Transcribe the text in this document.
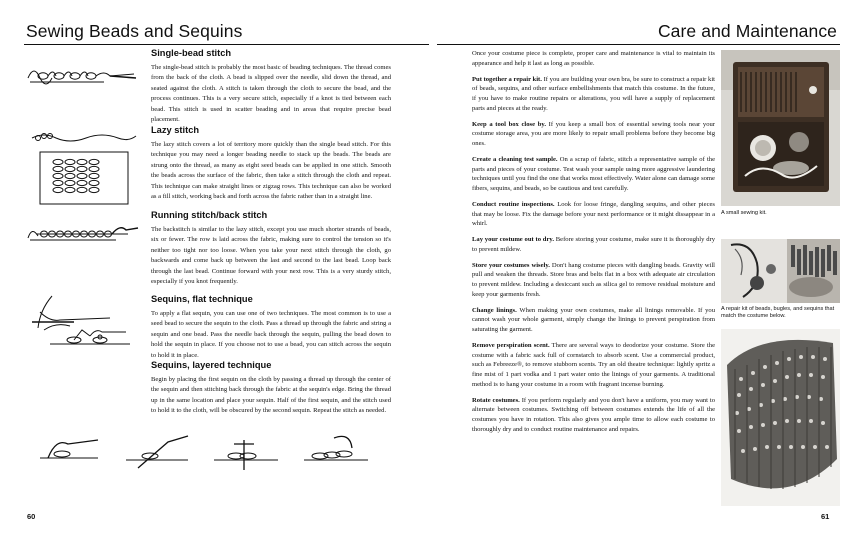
Sewing Beads and Sequins	Care and Maintenance
Single-bead stitch

The single-bead stitch is probably the most basic of beading techniques. The thread comes from the back of the cloth. A bead is slipped over the needle, slid down the thread, and seated against the cloth. A stitch is taken through the cloth to secure the bead, and the process continues. This is a very secure stitch, especially if a knot is tied between each bead. This stitch is used in scatter beading and in areas that require precise bead placement.

Lazy stitch

The lazy stitch covers a lot of territory more quickly than the single bead stitch. For this technique you may need a longer beading needle to stack up the beads. The beads are strung onto the thread, as many as eight seed beads can be applied in one stitch. Smooth the beads across the surface of the fabric, then take a stitch through the cloth and repeat. This technique can make straight lines or zigzag rows. This technique can also be worked as a fill stitch, working back and forth across the fabric rather than in a straight line.

Running stitch/back stitch

The backstitch is similar to the lazy stitch, except you use much shorter strands of beads, six or fewer. The row is laid across the fabric, making sure to control the tension so it's neither too tight nor too loose. When you take your next stitch through the cloth, go backwards and come back up between the last and second to the last bead. Loop back through the last bead. Continue forward with your next row. This is a very sturdy stitch, especially if you knot frequently.

Sequins, flat technique

To apply a flat sequin, you can use one of two techniques. The most common is to use a seed bead to secure the sequin to the cloth. Pass a thread up through the fabric and string a sequin and one bead. Pass the needle back through the sequin, pulling the bead down to hold the sequin in place. If you choose not to use a bead, you can stitch across the sequin to hold it in place.

Sequins, layered technique

Begin by placing the first sequin on the cloth by passing a thread up through the center of the sequin and then stitching back through the fabric at the sequin's edge. Bring the thread up in the same location and place your sequin. Half of the first sequin, and the stitch used to hold it to the cloth, will be obscured by the second sequin. Repeat the stitch as needed.

60

Once your costume piece is complete, proper care and maintenance is vital to maintain its appearance and help it last as long as possible.

Put together a repair kit. If you are building your own bra, be sure to construct a repair kit of beads, sequins, and other surface embellishments that match this costume. In the future, if you have to make routine repairs or alterations, you will have a supply of replacement parts and pieces at the ready.

Keep a tool box close by. If you keep a small box of essential sewing tools near your costume storage area, you are more likely to repair small problems before they become big ones.

Create a cleaning test sample. On a scrap of fabric, stitch a representative sample of the parts and pieces of your costume. Test wash your sample using more aggressive laundering techniques until you find the one that works most effectively. Water alone can damage some fibers, sequins, and beads, so be cautious and test carefully.

Conduct routine inspections. Look for loose fringe, dangling sequins, and other pieces that may be loose. Fix the damage before your next performance or it might dissappear in a whirl.

Lay your costume out to dry. Before storing your costume, make sure it is thoroughly dry to prevent mildew.

Store your costumes wisely. Don't hang costume pieces with dangling beads. Gravity will pull and weaken the threads. Store bras and belts flat in a box with adequate air circulation to prevent mildew. Including a desiccant such as silica gel to remove residual moisture and keep your garments fresh.

Change linings. When making your own costumes, make all linings removable. If you cannot wash your whole garment, simply change the linings to prevent perspiration from saturating the garment.

Remove perspiration scent. There are several ways to deodorize your costume. Store the costume with a fabric sack full of cornstarch to absorb scent. Use a commercial product, such as Febreeze®, to remove stubborn scents. Try an old theatre technique: lightly spritz a fine mist of 1 part vodka and 1 part water onto the linings of your garments. A traditional method is to hang your costume in a room with fragrant incense burning.

Rotate costumes. If you perform regularly and you don't have a uniform, you may want to alternate between costumes. Switching off between costumes extends the life of all the costumes you have in rotation. This also gives you ample time to allow each costume to thoroughly dry and to conduct routine maintenance and repairs.

A small sewing kit.

A repair kit of beads, bugles, and sequins that match the costume below.

61
